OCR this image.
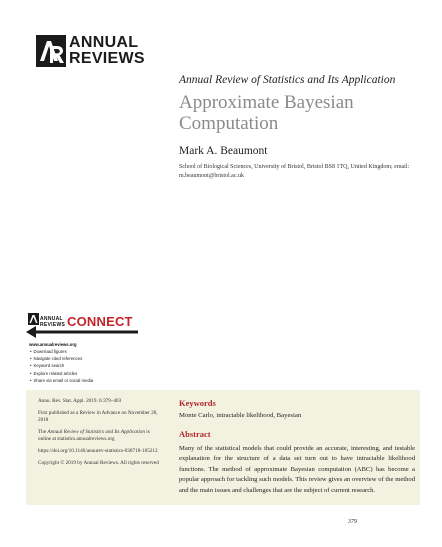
ANNUAL
REVIEWS
Annual Review of Statistics and Its Application
Approximate Bayesian Computation
Mark A. Beaumont
School of Biological Sciences, University of Bristol, Bristol BS8 1TQ, United Kingdom; email: m.beaumont@bristol.ac.uk
ANNUAL
REVIEWS CONNECT
www.annualreviews.org
• Download figures
• Navigate cited references
• Keyword search
• Explore related articles
• Share via email or social media

Annu. Rev. Stat. Appl. 2019. 6:379–403

First published as a Review in Advance on November 28, 2018

The Annual Review of Statistics and Its Application is online at statistics.annualreviews.org

https://doi.org/10.1146/annurev-statistics-030718-105212

Copyright © 2019 by Annual Reviews. All rights reserved

Keywords
Monte Carlo, intractable likelihood, Bayesian
Abstract

Many of the statistical models that could provide an accurate, interesting, and testable explanation for the structure of a data set turn out to have intractable likelihood functions. The method of approximate Bayesian computation (ABC) has become a popular approach for tackling such models. This review gives an overview of the method and the main issues and challenges that are the subject of current research.

379
